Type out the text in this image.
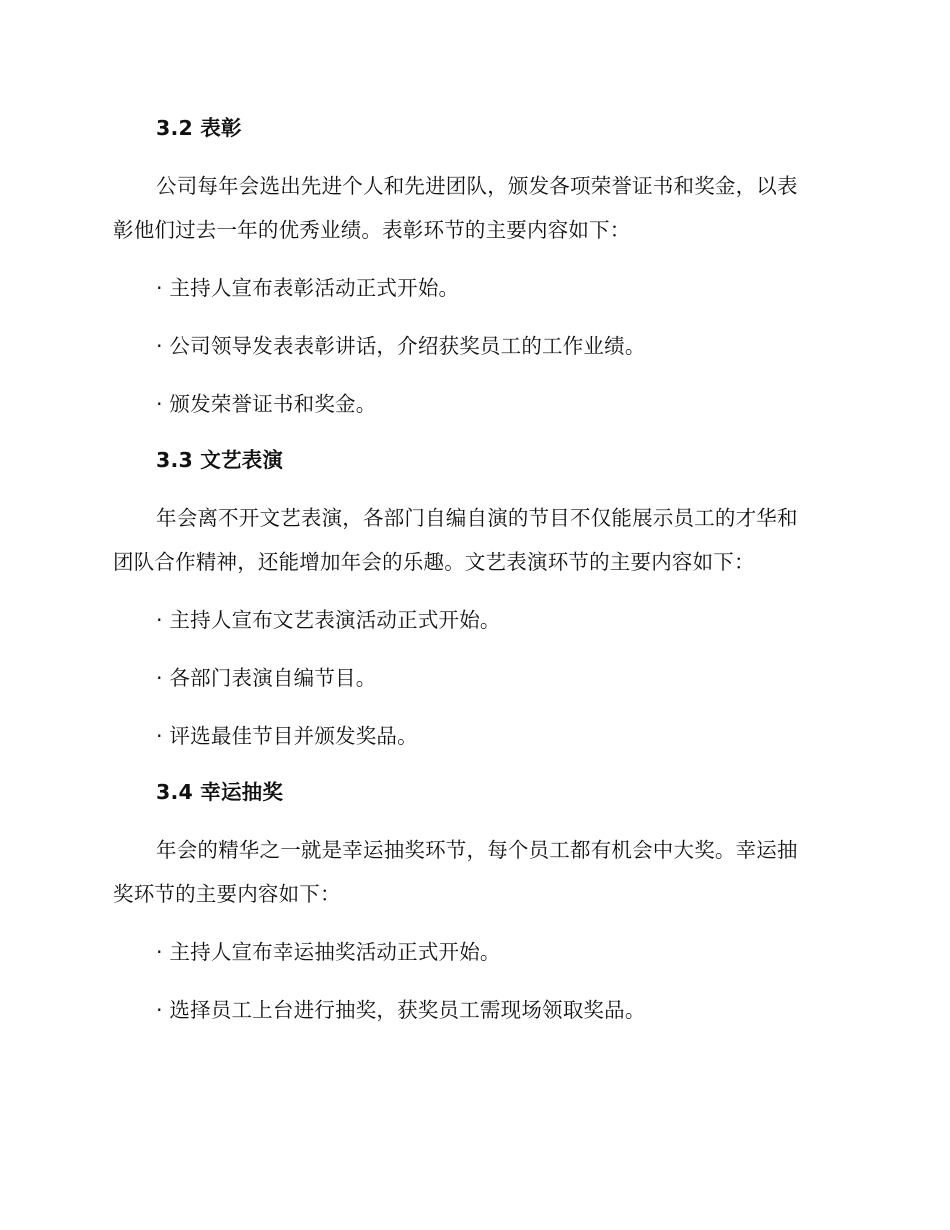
3.2 表彰
公司每年会选出先进个人和先进团队，颁发各项荣誉证书和奖金，以表
彰他们过去一年的优秀业绩。表彰环节的主要内容如下：
· 主持人宣布表彰活动正式开始。
· 公司领导发表表彰讲话，介绍获奖员工的工作业绩。
· 颁发荣誉证书和奖金。
3.3 文艺表演
年会离不开文艺表演，各部门自编自演的节目不仅能展示员工的才华和
团队合作精神，还能增加年会的乐趣。文艺表演环节的主要内容如下：
· 主持人宣布文艺表演活动正式开始。
· 各部门表演自编节目。
· 评选最佳节目并颁发奖品。
3.4 幸运抽奖
年会的精华之一就是幸运抽奖环节，每个员工都有机会中大奖。幸运抽
奖环节的主要内容如下：
· 主持人宣布幸运抽奖活动正式开始。
· 选择员工上台进行抽奖，获奖员工需现场领取奖品。
